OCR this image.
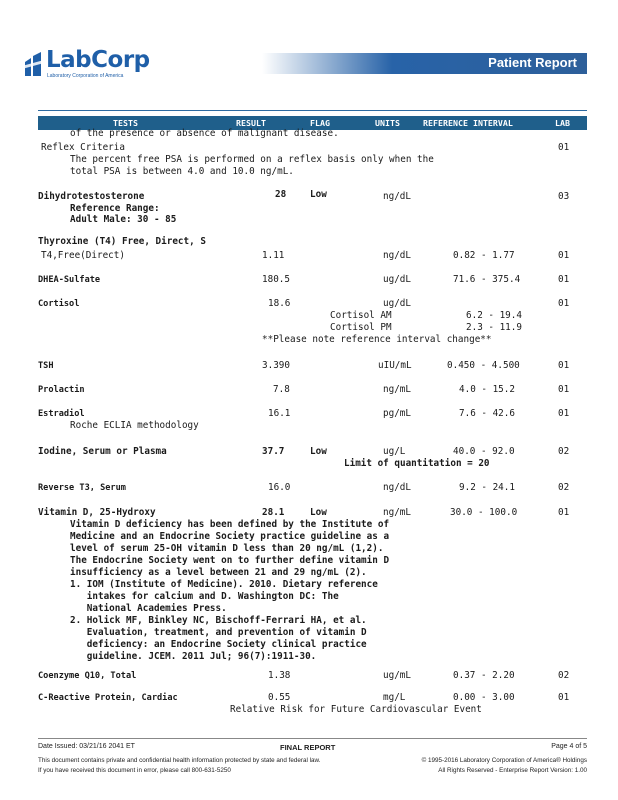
LabCorp
Laboratory Corporation of America
Patient Report
TESTS	RESULT	FLAG	UNITS	REFERENCE INTERVAL	LAB
of the presence or absence of malignant disease.
Reflex Criteria	01
The percent free PSA is performed on a reflex basis only when the
total PSA is between 4.0 and 10.0 ng/mL.
Dihydrotestosterone	28	Low	ng/dL	03
Reference Range:
Adult Male: 30 - 85
Thyroxine (T4) Free, Direct, S
T4,Free(Direct)	1.11	ng/dL	0.82 - 1.77	01
DHEA-Sulfate	180.5	ug/dL	71.6 - 375.4	01
Cortisol	18.6	ug/dL	01
Cortisol AM	6.2 - 19.4
Cortisol PM	2.3 - 11.9
**Please note reference interval change**
TSH	3.390	uIU/mL	0.450 - 4.500	01
Prolactin	7.8	ng/mL	4.0 - 15.2	01
Estradiol	16.1	pg/mL	7.6 - 42.6	01
Roche ECLIA methodology
Iodine, Serum or Plasma	37.7	Low	ug/L	40.0 - 92.0	02
Limit of quantitation = 20
Reverse T3, Serum	16.0	ng/dL	9.2 - 24.1	02
Vitamin D, 25-Hydroxy	28.1	Low	ng/mL	30.0 - 100.0	01
Vitamin D deficiency has been defined by the Institute of
Medicine and an Endocrine Society practice guideline as a
level of serum 25-OH vitamin D less than 20 ng/mL (1,2).
The Endocrine Society went on to further define vitamin D
insufficiency as a level between 21 and 29 ng/mL (2).
1. IOM (Institute of Medicine). 2010. Dietary reference
intakes for calcium and D. Washington DC: The
National Academies Press.
2. Holick MF, Binkley NC, Bischoff-Ferrari HA, et al.
Evaluation, treatment, and prevention of vitamin D
deficiency: an Endocrine Society clinical practice
guideline. JCEM. 2011 Jul; 96(7):1911-30.
Coenzyme Q10, Total	1.38	ug/mL	0.37 - 2.20	02
C-Reactive Protein, Cardiac	0.55	mg/L	0.00 - 3.00	01
Relative Risk for Future Cardiovascular Event
Date Issued: 03/21/16 2041 ET	FINAL REPORT	Page 4 of 5
This document contains private and confidential health information protected by state and federal law.
If you have received this document in error, please call 800-631-5250
© 1995-2016 Laboratory Corporation of America® Holdings
All Rights Reserved - Enterprise Report Version: 1.00
